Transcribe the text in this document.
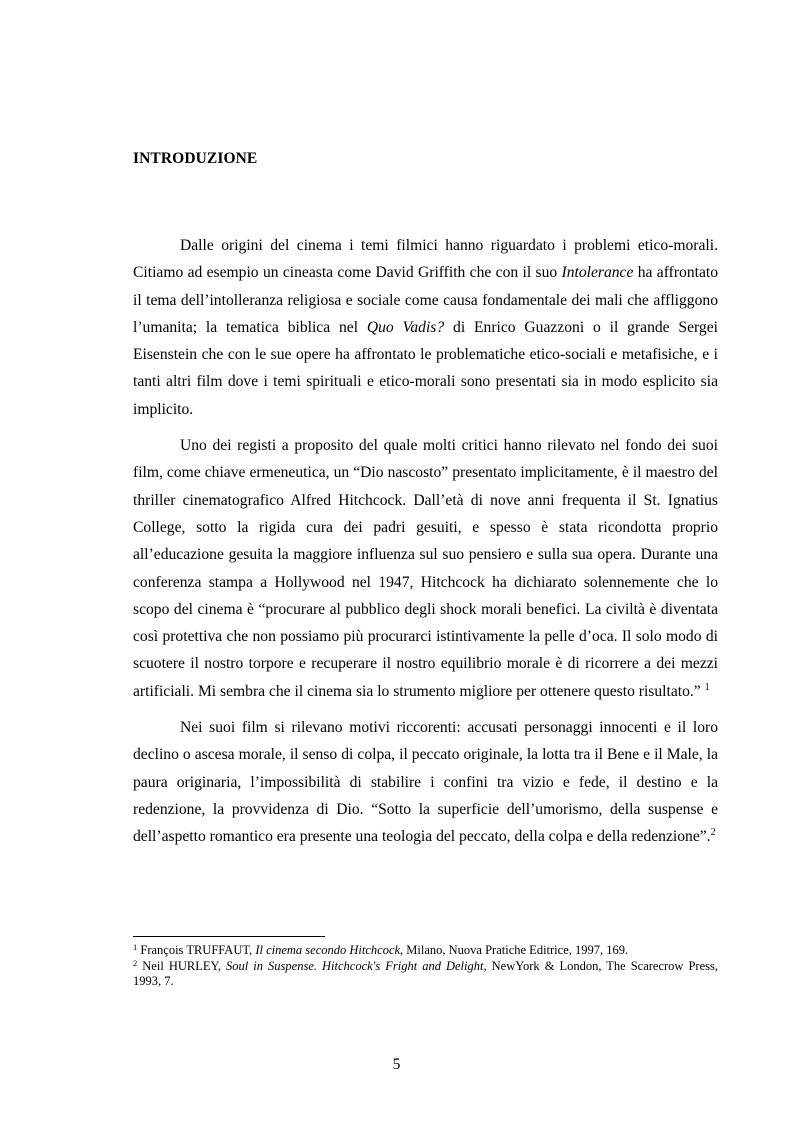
INTRODUZIONE

Dalle origini del cinema i temi filmici hanno riguardato i problemi etico-morali. Citiamo ad esempio un cineasta come David Griffith che con il suo Intolerance ha affrontato il tema dell’intolleranza religiosa e sociale come causa fondamentale dei mali che affliggono l’umanita; la tematica biblica nel Quo Vadis? di Enrico Guazzoni o il grande Sergei Eisenstein che con le sue opere ha affrontato le problematiche etico-sociali e metafisiche, e i tanti altri film dove i temi spirituali e etico-morali sono presentati sia in modo esplicito sia implicito.

Uno dei registi a proposito del quale molti critici hanno rilevato nel fondo dei suoi film, come chiave ermeneutica, un “Dio nascosto” presentato implicitamente, è il maestro del thriller cinematografico Alfred Hitchcock. Dall’età di nove anni frequenta il St. Ignatius College, sotto la rigida cura dei padri gesuiti, e spesso è stata ricondotta proprio all’educazione gesuita la maggiore influenza sul suo pensiero e sulla sua opera. Durante una conferenza stampa a Hollywood nel 1947, Hitchcock ha dichiarato solennemente che lo scopo del cinema è “procurare al pubblico degli shock morali benefici. La civiltà è diventata così protettiva che non possiamo più procurarci istintivamente la pelle d’oca. Il solo modo di scuotere il nostro torpore e recuperare il nostro equilibrio morale è di ricorrere a dei mezzi artificiali. Mi sembra che il cinema sia lo strumento migliore per ottenere questo risultato.” $^1$

Nei suoi film si rilevano motivi riccorenti: accusati personaggi innocenti e il loro declino o ascesa morale, il senso di colpa, il peccato originale, la lotta tra il Bene e il Male, la paura originaria, l’impossibilità di stabilire i confini tra vizio e fede, il destino e la redenzione, la provvidenza di Dio. “Sotto la superficie dell’umorismo, della suspense e dell’aspetto romantico era presente una teologia del peccato, della colpa e della redenzione”.$^2$

$^1$ François TRUFFAUT, Il cinema secondo Hitchcock, Milano, Nuova Pratiche Editrice, 1997, 169.
$^2$ Neil HURLEY, Soul in Suspense. Hitchcock's Fright and Delight, NewYork & London, The Scarecrow Press, 1993, 7.
5
